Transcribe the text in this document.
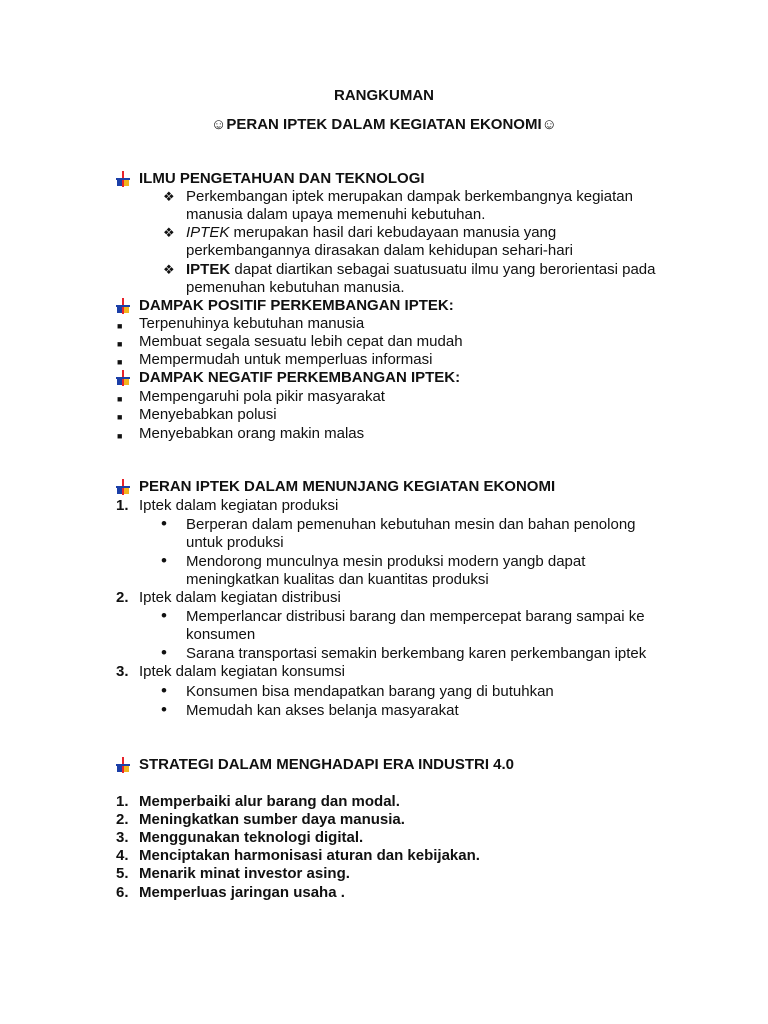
RANGKUMAN
☺PERAN IPTEK DALAM KEGIATAN EKONOMI☺
ILMU PENGETAHUAN DAN TEKNOLOGI
❖ Perkembangan iptek merupakan dampak berkembangnya kegiatan
manusia dalam upaya memenuhi kebutuhan.
❖ IPTEK merupakan hasil dari kebudayaan manusia yang
perkembangannya dirasakan dalam kehidupan sehari-hari
❖ IPTEK dapat diartikan sebagai suatusuatu ilmu yang berorientasi pada
pemenuhan kebutuhan manusia.
DAMPAK POSITIF PERKEMBANGAN IPTEK:
■ Terpenuhinya kebutuhan manusia
■ Membuat segala sesuatu lebih cepat dan mudah
■ Mempermudah untuk memperluas informasi
DAMPAK NEGATIF PERKEMBANGAN IPTEK:
■ Mempengaruhi pola pikir masyarakat
■ Menyebabkan polusi
■ Menyebabkan orang makin malas
PERAN IPTEK DALAM MENUNJANG KEGIATAN EKONOMI
1. Iptek dalam kegiatan produksi
• Berperan dalam pemenuhan kebutuhan mesin dan bahan penolong
untuk produksi
• Mendorong munculnya mesin produksi modern yangb dapat
meningkatkan kualitas dan kuantitas produksi
2. Iptek dalam kegiatan distribusi
• Memperlancar distribusi barang dan mempercepat barang sampai ke
konsumen
• Sarana transportasi semakin berkembang karen perkembangan iptek
3. Iptek dalam kegiatan konsumsi
• Konsumen bisa mendapatkan barang yang di butuhkan
• Memudah kan akses belanja masyarakat
STRATEGI DALAM MENGHADAPI ERA INDUSTRI 4.0
1. Memperbaiki alur barang dan modal.
2. Meningkatkan sumber daya manusia.
3. Menggunakan teknologi digital.
4. Menciptakan harmonisasi aturan dan kebijakan.
5. Menarik minat investor asing.
6. Memperluas jaringan usaha .
